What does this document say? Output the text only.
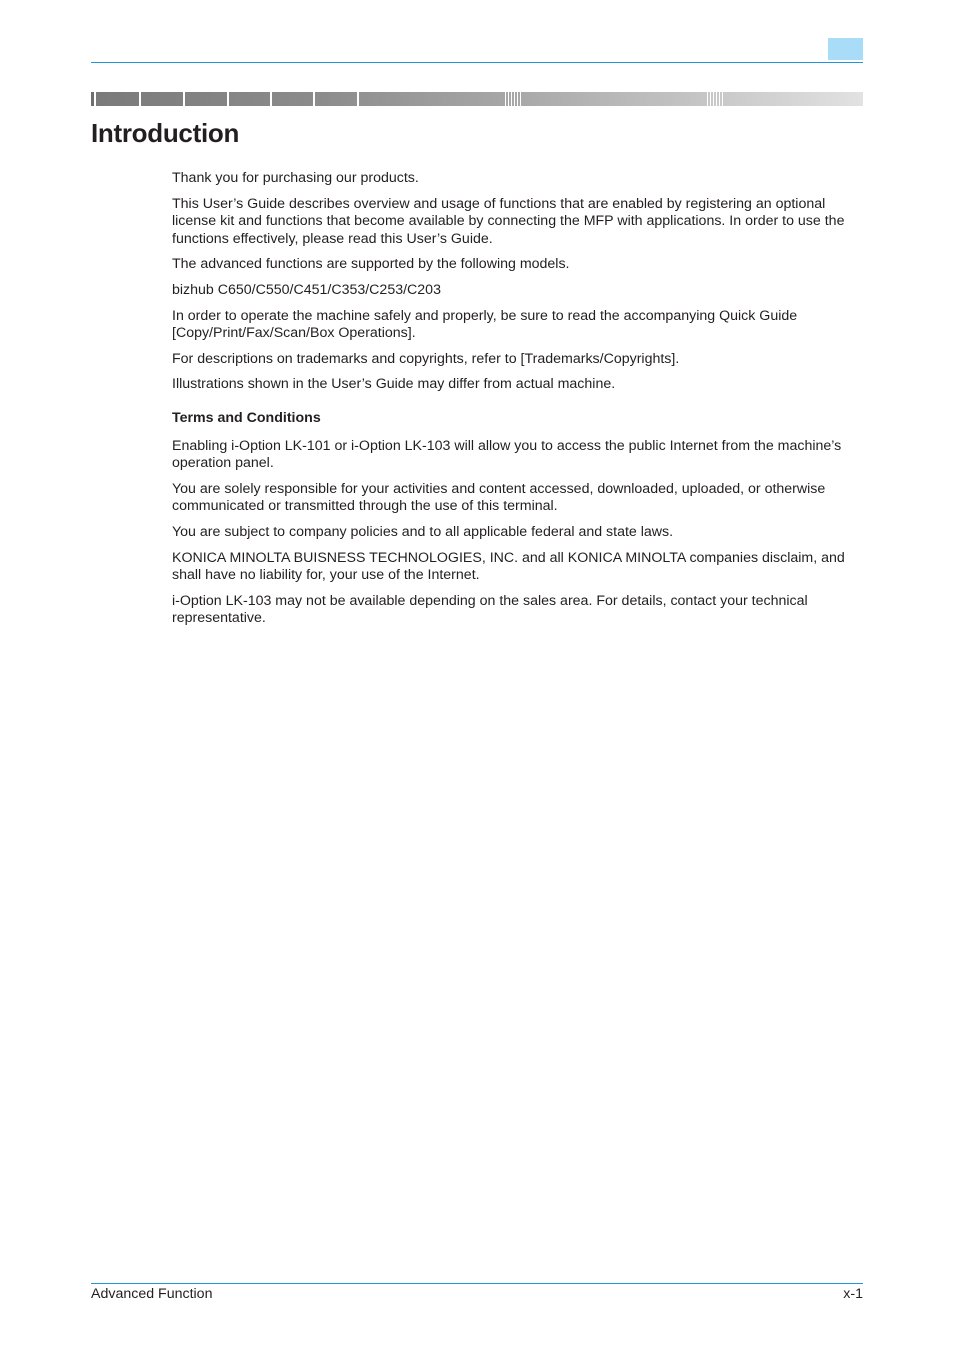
Introduction

Thank you for purchasing our products.

This User’s Guide describes overview and usage of functions that are enabled by registering an optional license kit and functions that become available by connecting the MFP with applications. In order to use the functions effectively, please read this User’s Guide.

The advanced functions are supported by the following models.

bizhub C650/C550/C451/C353/C253/C203

In order to operate the machine safely and properly, be sure to read the accompanying Quick Guide [Copy/Print/Fax/Scan/Box Operations].

For descriptions on trademarks and copyrights, refer to [Trademarks/Copyrights].

Illustrations shown in the User’s Guide may differ from actual machine.

Terms and Conditions

Enabling i-Option LK-101 or i-Option LK-103 will allow you to access the public Internet from the machine’s operation panel.

You are solely responsible for your activities and content accessed, downloaded, uploaded, or otherwise communicated or transmitted through the use of this terminal.

You are subject to company policies and to all applicable federal and state laws.

KONICA MINOLTA BUISNESS TECHNOLOGIES, INC. and all KONICA MINOLTA companies disclaim, and shall have no liability for, your use of the Internet.

i-Option LK-103 may not be available depending on the sales area. For details, contact your technical representative.

Advanced Function	x-1
